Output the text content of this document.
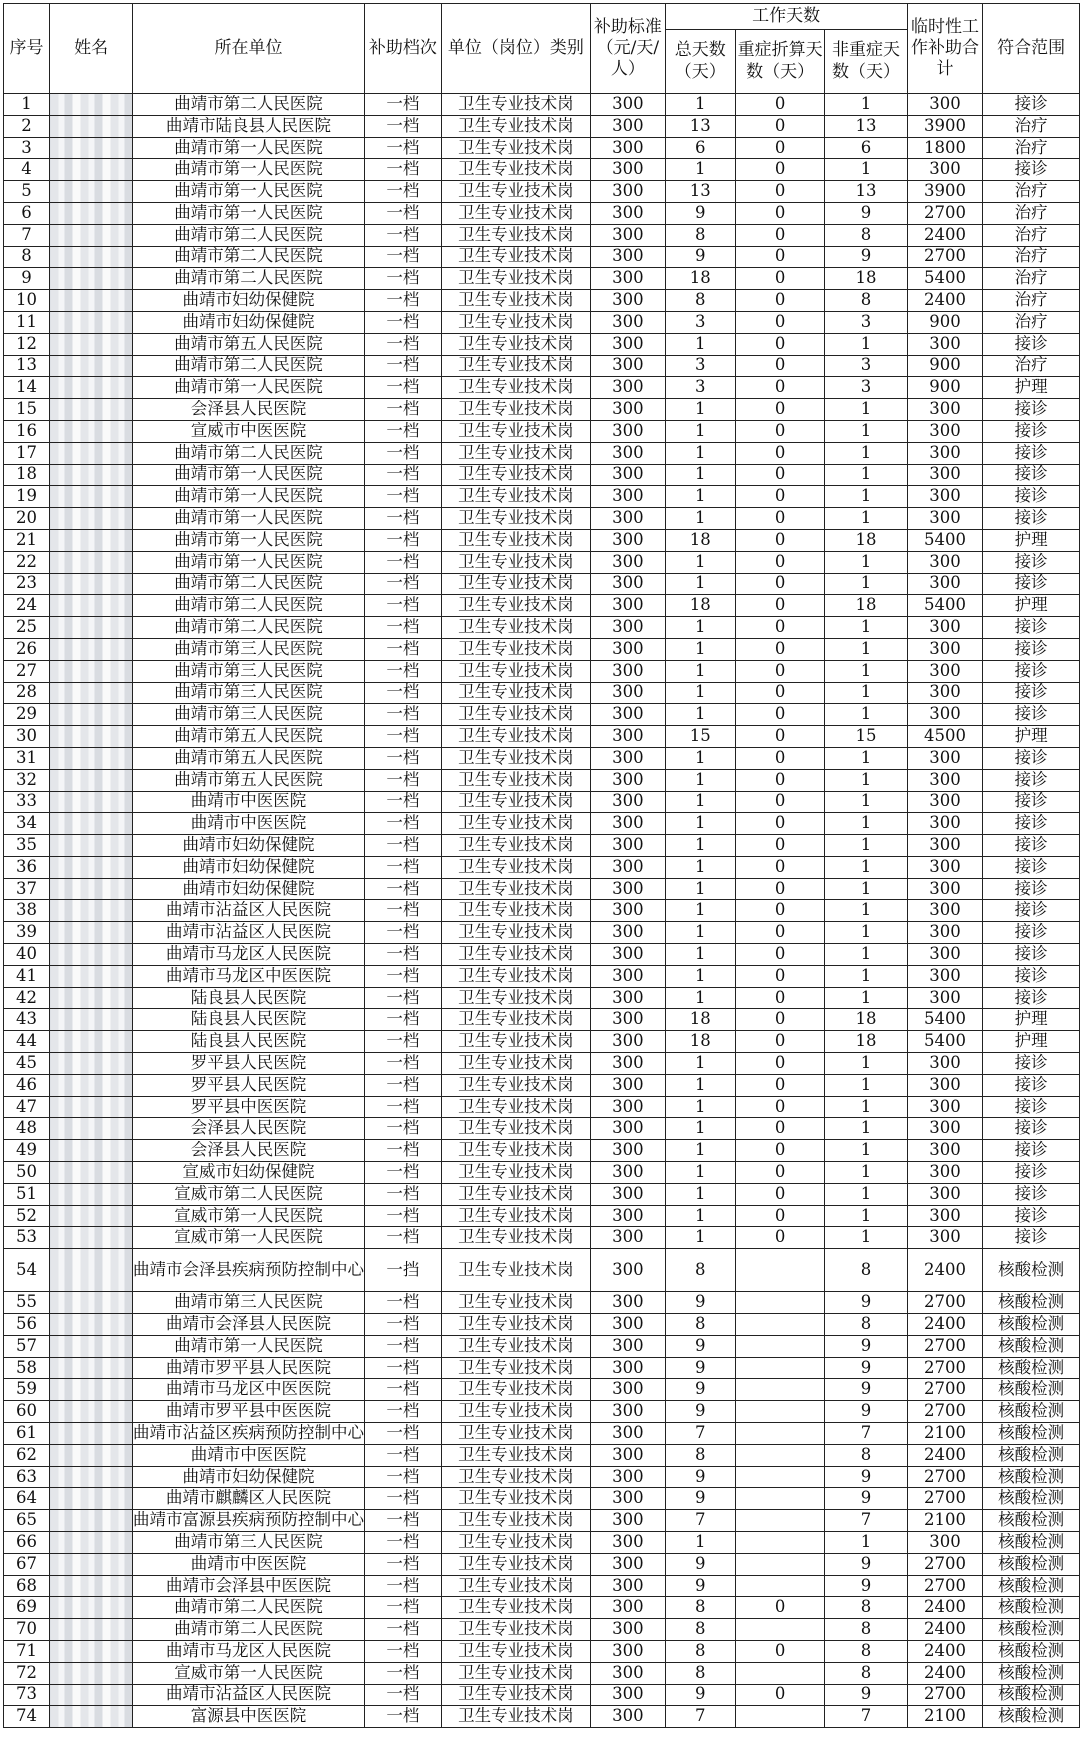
序号	姓名	所在单位	补助档次	单位（岗位）类别	补助标准（元/天/人）	工作天数			临时性工作补助合计	符合范围
						总天数（天）	重症折算天数（天）	非重症天数（天）		
1		曲靖市第二人民医院	一档	卫生专业技术岗	300	1	0	1	300	接诊
2		曲靖市陆良县人民医院	一档	卫生专业技术岗	300	13	0	13	3900	治疗
3		曲靖市第一人民医院	一档	卫生专业技术岗	300	6	0	6	1800	治疗
4		曲靖市第一人民医院	一档	卫生专业技术岗	300	1	0	1	300	接诊
5		曲靖市第一人民医院	一档	卫生专业技术岗	300	13	0	13	3900	治疗
6		曲靖市第一人民医院	一档	卫生专业技术岗	300	9	0	9	2700	治疗
7		曲靖市第二人民医院	一档	卫生专业技术岗	300	8	0	8	2400	治疗
8		曲靖市第二人民医院	一档	卫生专业技术岗	300	9	0	9	2700	治疗
9		曲靖市第二人民医院	一档	卫生专业技术岗	300	18	0	18	5400	治疗
10		曲靖市妇幼保健院	一档	卫生专业技术岗	300	8	0	8	2400	治疗
11		曲靖市妇幼保健院	一档	卫生专业技术岗	300	3	0	3	900	治疗
12		曲靖市第五人民医院	一档	卫生专业技术岗	300	1	0	1	300	接诊
13		曲靖市第二人民医院	一档	卫生专业技术岗	300	3	0	3	900	治疗
14		曲靖市第一人民医院	一档	卫生专业技术岗	300	3	0	3	900	护理
15		会泽县人民医院	一档	卫生专业技术岗	300	1	0	1	300	接诊
16		宣威市中医医院	一档	卫生专业技术岗	300	1	0	1	300	接诊
17		曲靖市第二人民医院	一档	卫生专业技术岗	300	1	0	1	300	接诊
18		曲靖市第一人民医院	一档	卫生专业技术岗	300	1	0	1	300	接诊
19		曲靖市第一人民医院	一档	卫生专业技术岗	300	1	0	1	300	接诊
20		曲靖市第一人民医院	一档	卫生专业技术岗	300	1	0	1	300	接诊
21		曲靖市第一人民医院	一档	卫生专业技术岗	300	18	0	18	5400	护理
22		曲靖市第一人民医院	一档	卫生专业技术岗	300	1	0	1	300	接诊
23		曲靖市第二人民医院	一档	卫生专业技术岗	300	1	0	1	300	接诊
24		曲靖市第二人民医院	一档	卫生专业技术岗	300	18	0	18	5400	护理
25		曲靖市第二人民医院	一档	卫生专业技术岗	300	1	0	1	300	接诊
26		曲靖市第三人民医院	一档	卫生专业技术岗	300	1	0	1	300	接诊
27		曲靖市第三人民医院	一档	卫生专业技术岗	300	1	0	1	300	接诊
28		曲靖市第三人民医院	一档	卫生专业技术岗	300	1	0	1	300	接诊
29		曲靖市第三人民医院	一档	卫生专业技术岗	300	1	0	1	300	接诊
30		曲靖市第五人民医院	一档	卫生专业技术岗	300	15	0	15	4500	护理
31		曲靖市第五人民医院	一档	卫生专业技术岗	300	1	0	1	300	接诊
32		曲靖市第五人民医院	一档	卫生专业技术岗	300	1	0	1	300	接诊
33		曲靖市中医医院	一档	卫生专业技术岗	300	1	0	1	300	接诊
34		曲靖市中医医院	一档	卫生专业技术岗	300	1	0	1	300	接诊
35		曲靖市妇幼保健院	一档	卫生专业技术岗	300	1	0	1	300	接诊
36		曲靖市妇幼保健院	一档	卫生专业技术岗	300	1	0	1	300	接诊
37		曲靖市妇幼保健院	一档	卫生专业技术岗	300	1	0	1	300	接诊
38		曲靖市沾益区人民医院	一档	卫生专业技术岗	300	1	0	1	300	接诊
39		曲靖市沾益区人民医院	一档	卫生专业技术岗	300	1	0	1	300	接诊
40		曲靖市马龙区人民医院	一档	卫生专业技术岗	300	1	0	1	300	接诊
41		曲靖市马龙区中医医院	一档	卫生专业技术岗	300	1	0	1	300	接诊
42		陆良县人民医院	一档	卫生专业技术岗	300	1	0	1	300	接诊
43		陆良县人民医院	一档	卫生专业技术岗	300	18	0	18	5400	护理
44		陆良县人民医院	一档	卫生专业技术岗	300	18	0	18	5400	护理
45		罗平县人民医院	一档	卫生专业技术岗	300	1	0	1	300	接诊
46		罗平县人民医院	一档	卫生专业技术岗	300	1	0	1	300	接诊
47		罗平县中医医院	一档	卫生专业技术岗	300	1	0	1	300	接诊
48		会泽县人民医院	一档	卫生专业技术岗	300	1	0	1	300	接诊
49		会泽县人民医院	一档	卫生专业技术岗	300	1	0	1	300	接诊
50		宣威市妇幼保健院	一档	卫生专业技术岗	300	1	0	1	300	接诊
51		宣威市第二人民医院	一档	卫生专业技术岗	300	1	0	1	300	接诊
52		宣威市第一人民医院	一档	卫生专业技术岗	300	1	0	1	300	接诊
53		宣威市第一人民医院	一档	卫生专业技术岗	300	1	0	1	300	接诊
54		曲靖市会泽县疾病预防控制中心	一挡	卫生专业技术岗	300	8		8	2400	核酸检测
55		曲靖市第三人民医院	一档	卫生专业技术岗	300	9		9	2700	核酸检测
56		曲靖市会泽县人民医院	一档	卫生专业技术岗	300	8		8	2400	核酸检测
57		曲靖市第一人民医院	一档	卫生专业技术岗	300	9		9	2700	核酸检测
58		曲靖市罗平县人民医院	一档	卫生专业技术岗	300	9		9	2700	核酸检测
59		曲靖市马龙区中医医院	一档	卫生专业技术岗	300	9		9	2700	核酸检测
60		曲靖市罗平县中医医院	一档	卫生专业技术岗	300	9		9	2700	核酸检测
61		曲靖市沾益区疾病预防控制中心	一档	卫生专业技术岗	300	7		7	2100	核酸检测
62		曲靖市中医医院	一档	卫生专业技术岗	300	8		8	2400	核酸检测
63		曲靖市妇幼保健院	一档	卫生专业技术岗	300	9		9	2700	核酸检测
64		曲靖市麒麟区人民医院	一档	卫生专业技术岗	300	9		9	2700	核酸检测
65		曲靖市富源县疾病预防控制中心	一档	卫生专业技术岗	300	7		7	2100	核酸检测
66		曲靖市第三人民医院	一档	卫生专业技术岗	300	1		1	300	核酸检测
67		曲靖市中医医院	一档	卫生专业技术岗	300	9		9	2700	核酸检测
68		曲靖市会泽县中医医院	一档	卫生专业技术岗	300	9		9	2700	核酸检测
69		曲靖市第二人民医院	一档	卫生专业技术岗	300	8	0	8	2400	核酸检测
70		曲靖市第二人民医院	一档	卫生专业技术岗	300	8		8	2400	核酸检测
71		曲靖市马龙区人民医院	一档	卫生专业技术岗	300	8	0	8	2400	核酸检测
72		宣威市第一人民医院	一档	卫生专业技术岗	300	8		8	2400	核酸检测
73		曲靖市沾益区人民医院	一档	卫生专业技术岗	300	9	0	9	2700	核酸检测
74		富源县中医医院	一档	卫生专业技术岗	300	7		7	2100	核酸检测
